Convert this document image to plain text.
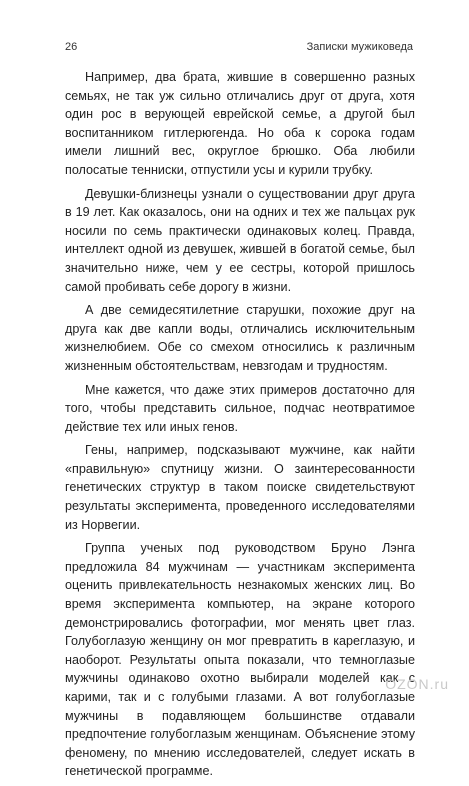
26	Записки мужиковеда

Например, два брата, жившие в совершенно разных семьях, не так уж сильно отличались друг от друга, хотя один рос в верующей еврейской семье, а другой был воспитанником гитлерюгенда. Но оба к сорока годам имели лишний вес, округлое брюшко. Оба любили полосатые тенниски, отпустили усы и курили трубку.

Девушки-близнецы узнали о существовании друг друга в 19 лет. Как оказалось, они на одних и тех же пальцах рук носили по семь практически одинаковых колец. Правда, интеллект одной из девушек, жившей в богатой семье, был значительно ниже, чем у ее сестры, которой пришлось самой пробивать себе дорогу в жизни.

А две семидесятилетние старушки, похожие друг на друга как две капли воды, отличались исключительным жизнелюбием. Обе со смехом относились к различным жизненным обстоятельствам, невзгодам и трудностям.

Мне кажется, что даже этих примеров достаточно для того, чтобы представить сильное, подчас неотвратимое действие тех или иных генов.

Гены, например, подсказывают мужчине, как найти «правильную» спутницу жизни. О заинтересованности генетических структур в таком поиске свидетельствуют результаты эксперимента, проведенного исследователями из Норвегии.

Группа ученых под руководством Бруно Лэнга предложила 84 мужчинам — участникам эксперимента оценить привлекательность незнакомых женских лиц. Во время эксперимента компьютер, на экране которого демонстрировались фотографии, мог менять цвет глаз. Голубоглазую женщину он мог превратить в кареглазую, и наоборот. Результаты опыта показали, что темноглазые мужчины одинаково охотно выбирали моделей как с карими, так и с голубыми глазами. А вот голубоглазые мужчины в подавляющем большинстве отдавали предпочтение голубоглазым женщинам. Объяснение этому феномену, по мнению исследователей, следует искать в генетической программе.

OZON.ru
